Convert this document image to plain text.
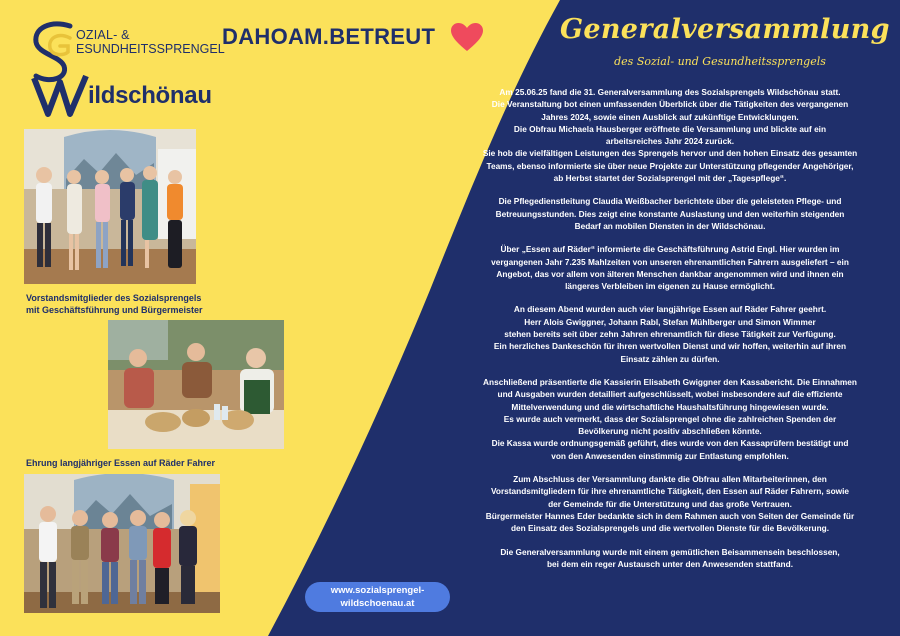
OZIAL- &
ESUNDHEITSSPRENGEL
ildschönau
DAHOAM.BETREUT
Vorstandsmitglieder des Sozialsprengels
mit Geschäftsführung und Bürgermeister
Ehrung langjähriger Essen auf Räder Fahrer
www.sozialsprengel-
wildschoenau.at
Generalversammlung
des Sozial- und Gesundheitssprengels

Am 25.06.25 fand die 31. Generalversammlung des Sozialsprengels Wildschönau statt.
Die Veranstaltung bot einen umfassenden Überblick über die Tätigkeiten des vergangenen
Jahres 2024, sowie einen Ausblick auf zukünftige Entwicklungen.
Die Obfrau Michaela Hausberger eröffnete die Versammlung und blickte auf ein
arbeitsreiches Jahr 2024 zurück.
Sie hob die vielfältigen Leistungen des Sprengels hervor und den hohen Einsatz des gesamten
Teams, ebenso informierte sie über neue Projekte zur Unterstützung pflegender Angehöriger,
ab Herbst startet der Sozialsprengel mit der „Tagespflege“.

Die Pflegedienstleitung Claudia Weißbacher berichtete über die geleisteten Pflege- und
Betreuungsstunden. Dies zeigt eine konstante Auslastung und den weiterhin steigenden
Bedarf an mobilen Diensten in der Wildschönau.

Über „Essen auf Räder“ informierte die Geschäftsführung Astrid Engl. Hier wurden im
vergangenen Jahr 7.235 Mahlzeiten von unseren ehrenamtlichen Fahrern ausgeliefert – ein
Angebot, das vor allem von älteren Menschen dankbar angenommen wird und ihnen ein
längeres Verbleiben im eigenen zu Hause ermöglicht.

An diesem Abend wurden auch vier langjährige Essen auf Räder Fahrer geehrt.
Herr Alois Gwiggner, Johann Rabl, Stefan Mühlberger und Simon Wimmer
stehen bereits seit über zehn Jahren ehrenamtlich für diese Tätigkeit zur Verfügung.
Ein herzliches Dankeschön für ihren wertvollen Dienst und wir hoffen, weiterhin auf ihren
Einsatz zählen zu dürfen.

Anschließend präsentierte die Kassierin Elisabeth Gwiggner den Kassabericht. Die Einnahmen
und Ausgaben wurden detailliert aufgeschlüsselt, wobei insbesondere auf die effiziente
Mittelverwendung und die wirtschaftliche Haushaltsführung hingewiesen wurde.
Es wurde auch vermerkt, dass der Sozialsprengel ohne die zahlreichen Spenden der
Bevölkerung nicht positiv abschließen könnte.
Die Kassa wurde ordnungsgemäß geführt, dies wurde von den Kassaprüfern bestätigt und
von den Anwesenden einstimmig zur Entlastung empfohlen.

Zum Abschluss der Versammlung dankte die Obfrau allen Mitarbeiterinnen, den
Vorstandsmitgliedern für ihre ehrenamtliche Tätigkeit, den Essen auf Räder Fahrern, sowie
der Gemeinde für die Unterstützung und das große Vertrauen.
Bürgermeister Hannes Eder bedankte sich in dem Rahmen auch von Seiten der Gemeinde für
den Einsatz des Sozialsprengels und die wertvollen Dienste für die Bevölkerung.

Die Generalversammlung wurde mit einem gemütlichen Beisammensein beschlossen,
bei dem ein reger Austausch unter den Anwesenden stattfand.
